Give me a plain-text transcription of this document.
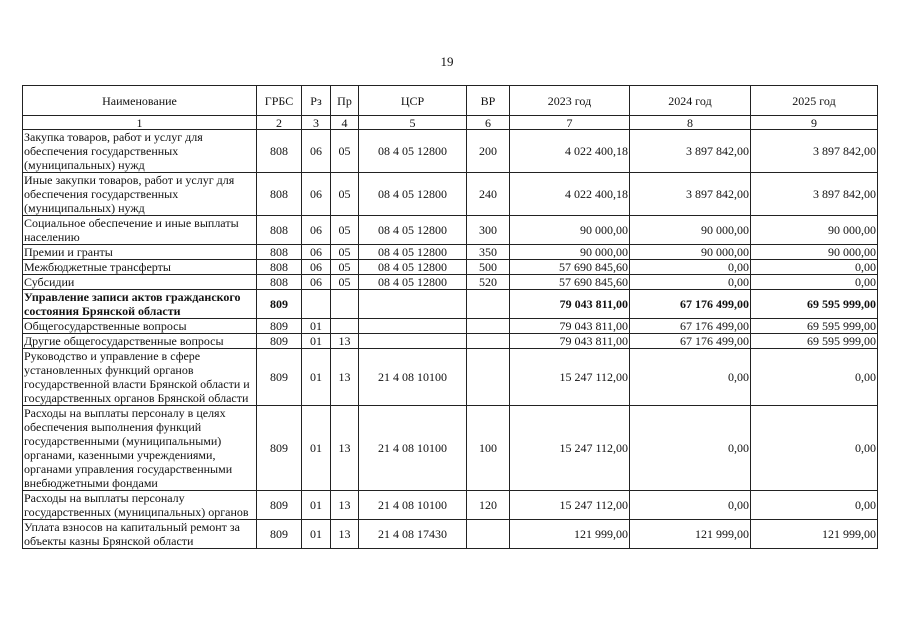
19
Наименование	ГРБС	Рз	Пр	ЦСР	ВР	2023 год	2024 год	2025 год
1	2	3	4	5	6	7	8	9
Закупка товаров, работ и услуг для обеспечения государственных (муниципальных) нужд	808	06	05	08 4 05 12800	200	4 022 400,18	3 897 842,00	3 897 842,00
Иные закупки товаров, работ и услуг для обеспечения государственных (муниципальных) нужд	808	06	05	08 4 05 12800	240	4 022 400,18	3 897 842,00	3 897 842,00
Социальное обеспечение и иные выплаты населению	808	06	05	08 4 05 12800	300	90 000,00	90 000,00	90 000,00
Премии и гранты	808	06	05	08 4 05 12800	350	90 000,00	90 000,00	90 000,00
Межбюджетные трансферты	808	06	05	08 4 05 12800	500	57 690 845,60	0,00	0,00
Субсидии	808	06	05	08 4 05 12800	520	57 690 845,60	0,00	0,00
Управление записи актов гражданского состояния Брянской области	809					79 043 811,00	67 176 499,00	69 595 999,00
Общегосударственные вопросы	809	01				79 043 811,00	67 176 499,00	69 595 999,00
Другие общегосударственные вопросы	809	01	13			79 043 811,00	67 176 499,00	69 595 999,00
Руководство и управление в сфере установленных функций органов государственной власти Брянской области и государственных органов Брянской области	809	01	13	21 4 08 10100		15 247 112,00	0,00	0,00
Расходы на выплаты персоналу в целях обеспечения выполнения функций государственными (муниципальными) органами, казенными учреждениями, органами управления государственными внебюджетными фондами	809	01	13	21 4 08 10100	100	15 247 112,00	0,00	0,00
Расходы на выплаты персоналу государственных (муниципальных) органов	809	01	13	21 4 08 10100	120	15 247 112,00	0,00	0,00
Уплата взносов на капитальный ремонт за объекты казны Брянской области	809	01	13	21 4 08 17430		121 999,00	121 999,00	121 999,00
